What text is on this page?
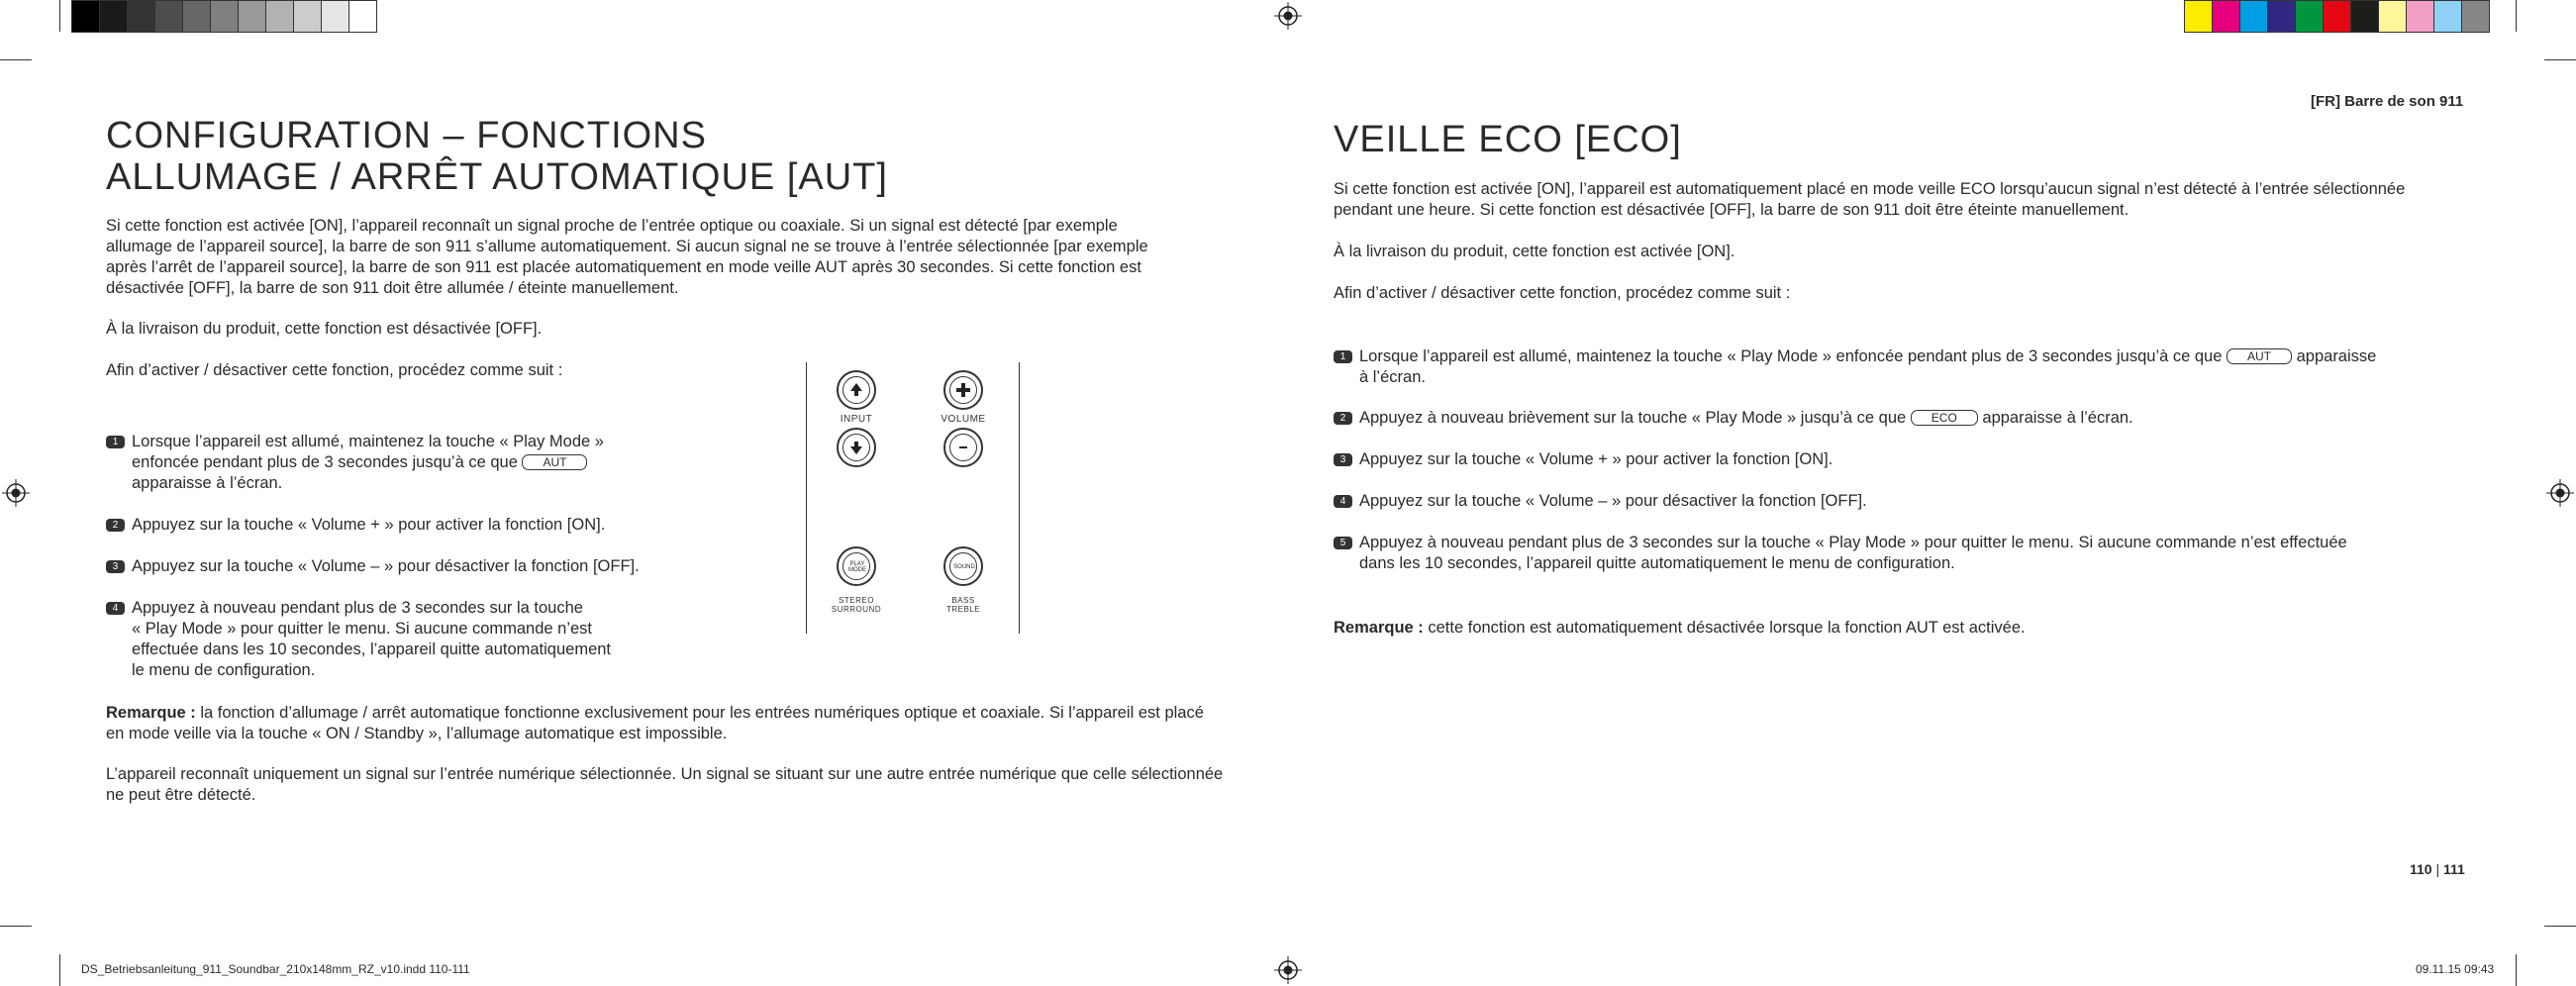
DS_Betriebsanleitung_911_Soundbar_210x148mm_RZ_v10.indd 110-111	09.11.15 09:43
[FR] Barre de son 911
CONFIGURATION – FONCTIONS
ALLUMAGE / ARRÊT AUTOMATIQUE [AUT]

Si cette fonction est activée [ON], l’appareil reconnaît un signal proche de l’entrée optique ou coaxiale. Si un signal est détecté [par exemple

allumage de l’appareil source], la barre de son 911 s’allume automatiquement. Si aucun signal ne se trouve à l’entrée sélectionnée [par exemple

après l’arrêt de l’appareil source], la barre de son 911 est placée automatiquement en mode veille AUT après 30 secondes. Si cette fonction est

désactivée [OFF], la barre de son 911 doit être allumée / éteinte manuellement.

À la livraison du produit, cette fonction est désactivée [OFF].

Afin d’activer / désactiver cette fonction, procédez comme suit :

1 Lorsque l’appareil est allumé, maintenez la touche « Play Mode »
enfoncée pendant plus de 3 secondes jusqu’à ce que AUT
apparaisse à l’écran.
2 Appuyez sur la touche « Volume + » pour activer la fonction [ON].
3 Appuyez sur la touche « Volume – » pour désactiver la fonction [OFF].
4 Appuyez à nouveau pendant plus de 3 secondes sur la touche
« Play Mode » pour quitter le menu. Si aucune commande n’est
effectuée dans les 10 secondes, l’appareil quitte automatiquement
le menu de configuration.

Remarque : la fonction d’allumage / arrêt automatique fonctionne exclusivement pour les entrées numériques optique et coaxiale. Si l’appareil est placé

en mode veille via la touche « ON / Standby », l’allumage automatique est impossible.

L’appareil reconnaît uniquement un signal sur l’entrée numérique sélectionnée. Un signal se situant sur une autre entrée numérique que celle sélectionnée

ne peut être détecté.

INPUT	VOLUME
PLAY
MODE	SOUND
STEREO
SURROUND
BASS
TREBLE
VEILLE ECO [ECO]

Si cette fonction est activée [ON], l’appareil est automatiquement placé en mode veille ECO lorsqu’aucun signal n’est détecté à l’entrée sélectionnée

pendant une heure. Si cette fonction est désactivée [OFF], la barre de son 911 doit être éteinte manuellement.

À la livraison du produit, cette fonction est activée [ON].

Afin d’activer / désactiver cette fonction, procédez comme suit :

1 Lorsque l’appareil est allumé, maintenez la touche « Play Mode » enfoncée pendant plus de 3 secondes jusqu’à ce que AUT apparaisse
à l’écran.
2 Appuyez à nouveau brièvement sur la touche « Play Mode » jusqu’à ce que ECO apparaisse à l’écran.
3 Appuyez sur la touche « Volume + » pour activer la fonction [ON].
4 Appuyez sur la touche « Volume – » pour désactiver la fonction [OFF].
5 Appuyez à nouveau pendant plus de 3 secondes sur la touche « Play Mode » pour quitter le menu. Si aucune commande n’est effectuée
dans les 10 secondes, l’appareil quitte automatiquement le menu de configuration.

Remarque : cette fonction est automatiquement désactivée lorsque la fonction AUT est activée.

110 | 111
